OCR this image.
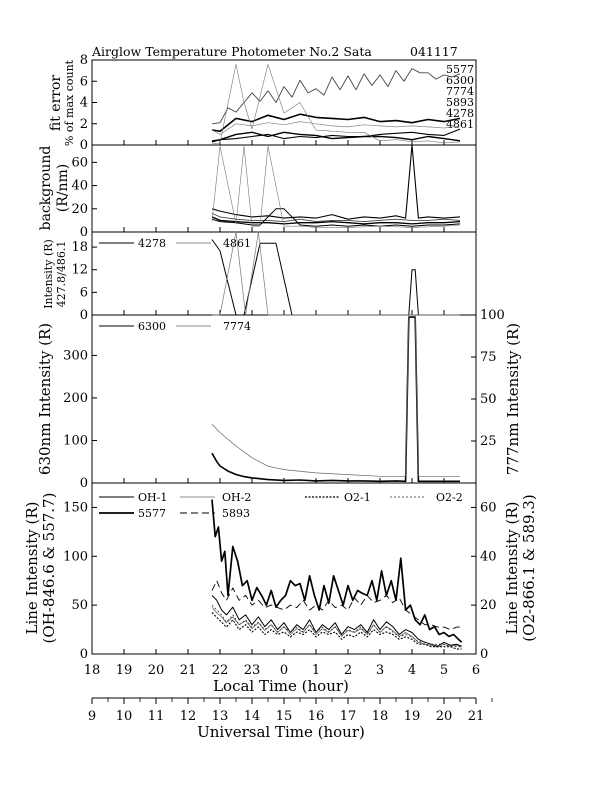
Airglow Temperature Photometer No.2 Sata	041117
fit error % of max count
background (R/nm)
Intensity (R) 427.8/486.1
630nm Intensity (R)	777nm Intensity (R)
Line Intensity (R) (OH-846.6 & 557.7)	Line Intensity (R) (O2-866.1 & 589.3)
4278	4861
6300	7774
OH-1	OH-2	O2-1	O2-2
5577	5893
Local Time (hour)
Universal Time (hour)
18 19 20 21 22 23 0 1 2 3 4 5 6
9 10 11 12 13 14 15 16 17 18 19 20 21
0
2
4
6
8
0
20
40
60
0
6
12
18
0
100
200
300
25
50
75
100
0
50
100
150
0
20
40
60
5577
6300
7774
5893
4278
4861
